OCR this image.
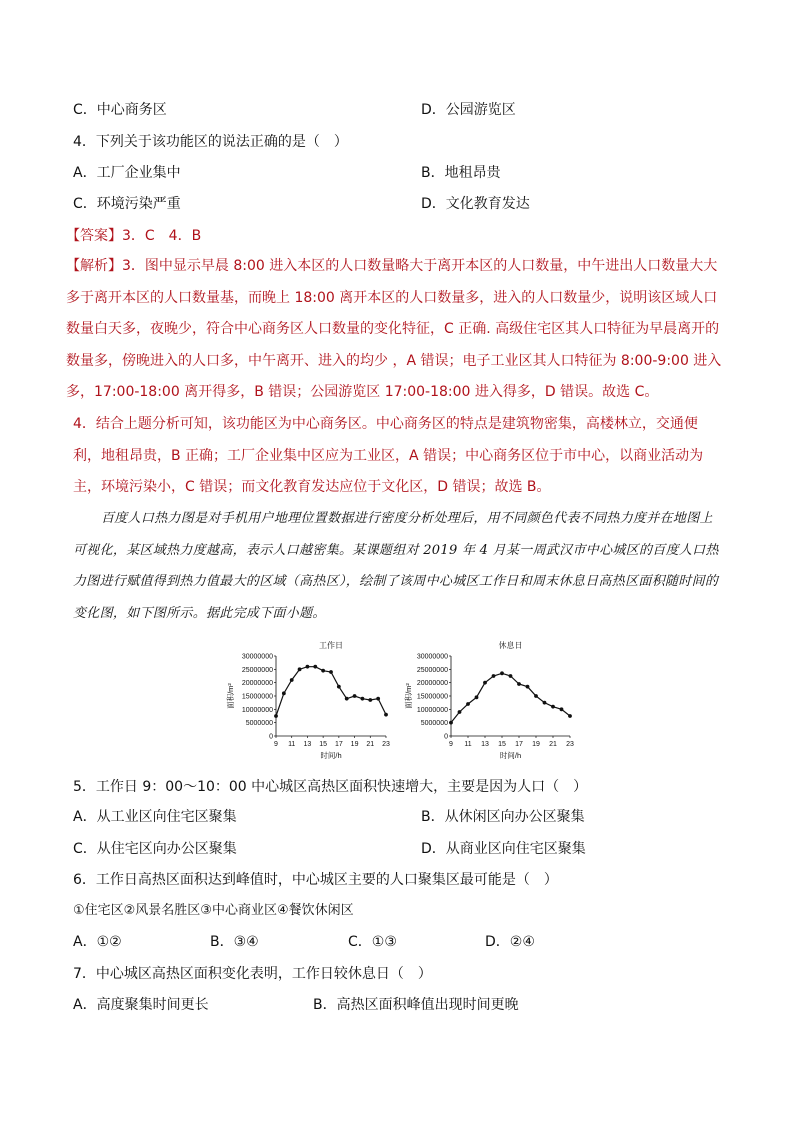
C．中心商务区	D．公园游览区
4．下列关于该功能区的说法正确的是（　）
A．工厂企业集中	B．地租昂贵
C．环境污染严重	D．文化教育发达
【答案】3．C　4．B
【解析】3．图中显示早晨 8:00 进入本区的人口数量略大于离开本区的人口数量，中午进出人口数量大大多于离开本区的人口数量基，而晚上 18:00 离开本区的人口数量多，进入的人口数量少，说明该区域人口数量白天多，夜晚少，符合中心商务区人口数量的变化特征，C 正确. 高级住宅区其人口特征为早晨离开的数量多，傍晚进入的人口多，中午离开、进入的均少 ，A 错误；电子工业区其人口特征为 8:00-9:00 进入多，17:00-18:00 离开得多，B 错误；公园游览区 17:00-18:00 进入得多，D 错误。故选 C。
4．结合上题分析可知，该功能区为中心商务区。中心商务区的特点是建筑物密集，高楼林立，交通便利，地租昂贵，B 正确；工厂企业集中区应为工业区，A 错误；中心商务区位于市中心，以商业活动为主，环境污染小，C 错误；而文化教育发达应位于文化区，D 错误；故选 B。
百度人口热力图是对手机用户地理位置数据进行密度分析处理后，用不同颜色代表不同热力度并在地图上可视化，某区域热力度越高，表示人口越密集。某课题组对 2019 年 4 月某一周武汉市中心城区的百度人口热力图进行赋值得到热力值最大的区域（高热区），绘制了该周中心城区工作日和周末休息日高热区面积随时间的变化图，如下图所示。据此完成下面小题。
工作日
0
5000000
10000000
15000000
20000000
25000000
30000000
9 11 13 15 17 19 21 23
时间/h
面积/m²
休息日
0
5000000
10000000
15000000
20000000
25000000
30000000
9 11 13 15 17 19 21 23
时间/h
面积/m²
5．工作日 9：00～10：00 中心城区高热区面积快速增大，主要是因为人口（　）
A．从工业区向住宅区聚集	B．从休闲区向办公区聚集
C．从住宅区向办公区聚集	D．从商业区向住宅区聚集
6．工作日高热区面积达到峰值时，中心城区主要的人口聚集区最可能是（　）
①住宅区②风景名胜区③中心商业区④餐饮休闲区
A．①②	B．③④	C．①③	D．②④
7．中心城区高热区面积变化表明，工作日较休息日（　）
A．高度聚集时间更长	B．高热区面积峰值出现时间更晚
